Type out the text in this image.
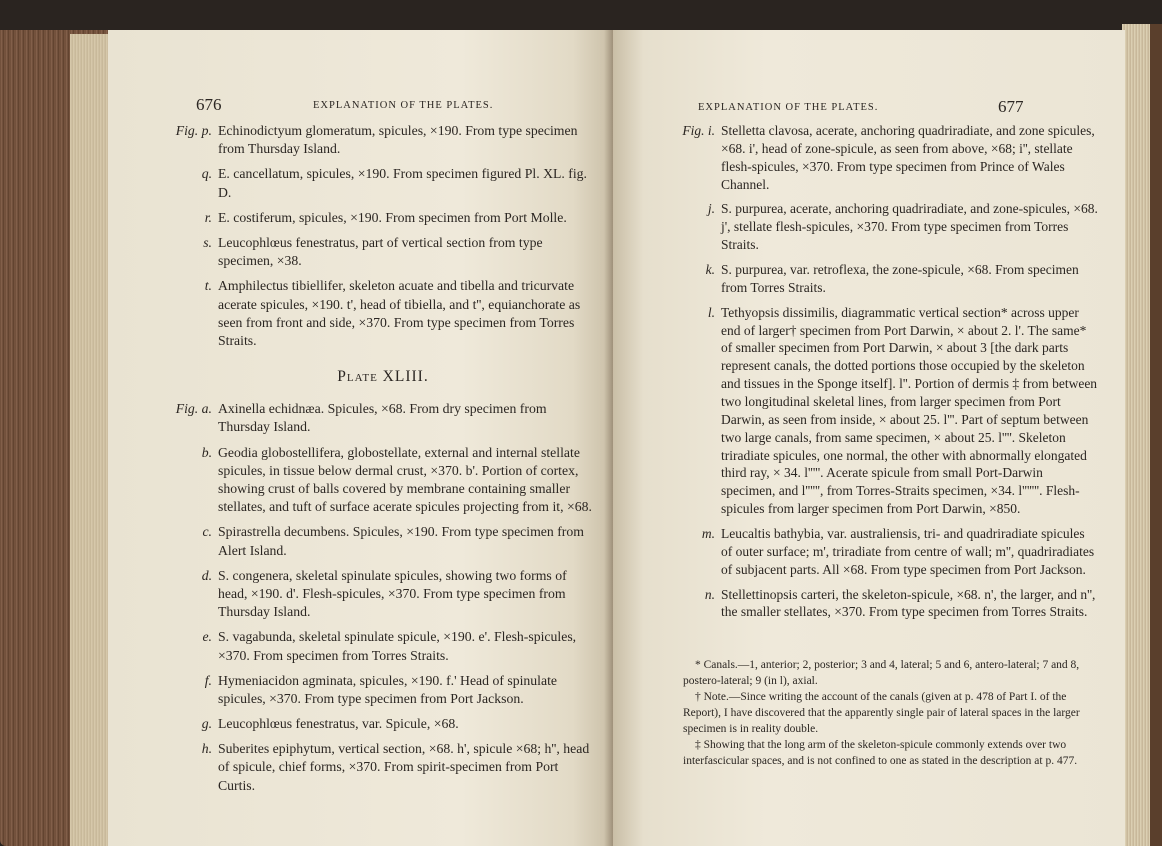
676	EXPLANATION OF THE PLATES.
Fig. p. Echinodictyum glomeratum, spicules, ×190. From type specimen from Thursday Island.
q. E. cancellatum, spicules, ×190. From specimen figured Pl. XL. fig. D.
r. E. costiferum, spicules, ×190. From specimen from Port Molle.
s. Leucophlœus fenestratus, part of vertical section from type specimen, ×38.
t. Amphilectus tibiellifer, skeleton acuate and tibella and tricurvate acerate spicules, ×190. t', head of tibiella, and t'', equianchorate as seen from front and side, ×370. From type specimen from Torres Straits.
Plate XLIII.
Fig. a. Axinella echidnæa. Spicules, ×68. From dry specimen from Thursday Island.
b. Geodia globostellifera, globostellate, external and internal stellate spicules, in tissue below dermal crust, ×370. b'. Portion of cortex, showing crust of balls covered by membrane containing smaller stellates, and tuft of surface acerate spicules projecting from it, ×68.
c. Spirastrella decumbens. Spicules, ×190. From type specimen from Alert Island.
d. S. congenera, skeletal spinulate spicules, showing two forms of head, ×190. d'. Flesh-spicules, ×370. From type specimen from Thursday Island.
e. S. vagabunda, skeletal spinulate spicule, ×190. e'. Flesh-spicules, ×370. From specimen from Torres Straits.
f. Hymeniacidon agminata, spicules, ×190. f.' Head of spinulate spicules, ×370. From type specimen from Port Jackson.
g. Leucophlœus fenestratus, var. Spicule, ×68.
h. Suberites epiphytum, vertical section, ×68. h', spicule ×68; h'', head of spicule, chief forms, ×370. From spirit-specimen from Port Curtis.
EXPLANATION OF THE PLATES.	677
Fig. i. Stelletta clavosa, acerate, anchoring quadriradiate, and zone spicules, ×68. i', head of zone-spicule, as seen from above, ×68; i'', stellate flesh-spicules, ×370. From type specimen from Prince of Wales Channel.
j. S. purpurea, acerate, anchoring quadriradiate, and zone-spicules, ×68. j', stellate flesh-spicules, ×370. From type specimen from Torres Straits.
k. S. purpurea, var. retroflexa, the zone-spicule, ×68. From specimen from Torres Straits.
l. Tethyopsis dissimilis, diagrammatic vertical section* across upper end of larger† specimen from Port Darwin, × about 2. l'. The same* of smaller specimen from Port Darwin, × about 3 [the dark parts represent canals, the dotted portions those occupied by the skeleton and tissues in the Sponge itself]. l''. Portion of dermis ‡ from between two longitudinal skeletal lines, from larger specimen from Port Darwin, as seen from inside, × about 25. l'''. Part of septum between two large canals, from same specimen, × about 25. l''''. Skeleton triradiate spicules, one normal, the other with abnormally elongated third ray, × 34. l'''''. Acerate spicule from small Port-Darwin specimen, and l'''''', from Torres-Straits specimen, ×34. l'''''''. Flesh-spicules from larger specimen from Port Darwin, ×850.
m. Leucaltis bathybia, var. australiensis, tri- and quadriradiate spicules of outer surface; m', triradiate from centre of wall; m'', quadriradiates of subjacent parts. All ×68. From type specimen from Port Jackson.
n. Stellettinopsis carteri, the skeleton-spicule, ×68. n', the larger, and n'', the smaller stellates, ×370. From type specimen from Torres Straits.
* Canals.—1, anterior; 2, posterior; 3 and 4, lateral; 5 and 6, antero-lateral; 7 and 8, postero-lateral; 9 (in l), axial.
† Note.—Since writing the account of the canals (given at p. 478 of Part I. of the Report), I have discovered that the apparently single pair of lateral spaces in the larger specimen is in reality double.
‡ Showing that the long arm of the skeleton-spicule commonly extends over two interfascicular spaces, and is not confined to one as stated in the description at p. 477.
